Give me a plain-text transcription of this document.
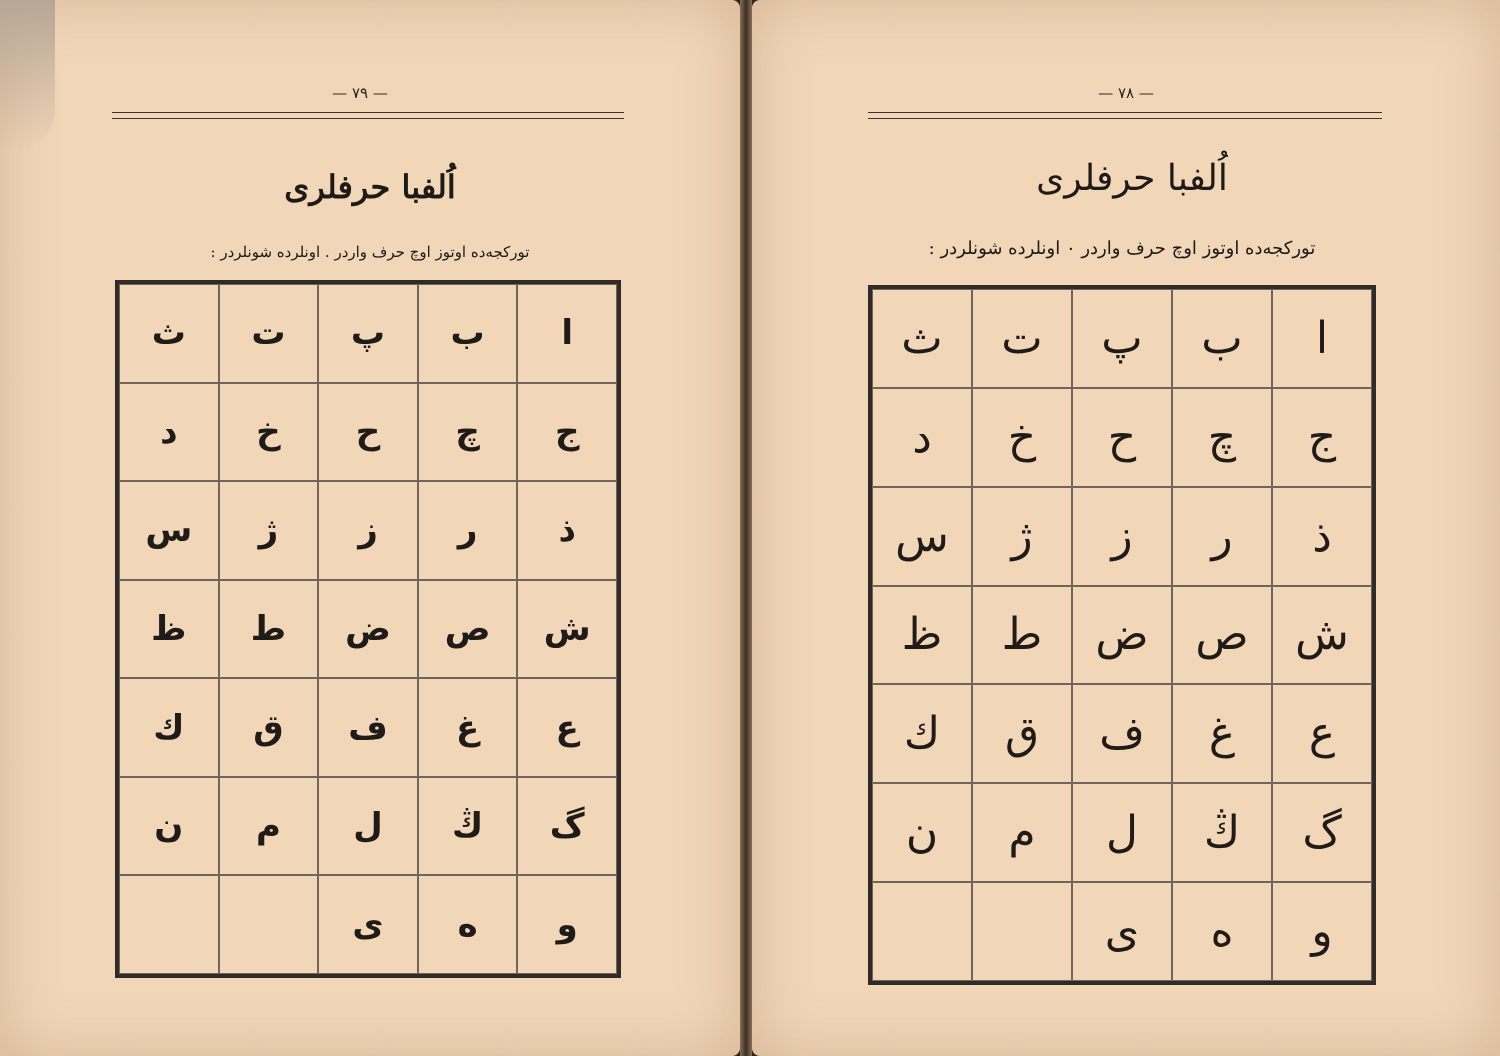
— ٧٩ —
اُلفبا حرفلری
تورکجه‌ده اوتوز اوچ حرف واردر . اونلرده شونلردر :
ا
ب
پ
ت
ث
ج
چ
ح
خ
د
ذ
ر
ز
ژ
س
ش
ص
ض
ط
ظ
ع
غ
ف
ق
ك
گ
ڭ
ل
م
ن
و
ه
ی
— ٧٨ —
اُلفبا حرفلری
تورکجه‌ده اوتوز اوچ حرف واردر ۰ اونلرده شونلردر :
ا
ب
پ
ت
ث
ج
چ
ح
خ
د
ذ
ر
ز
ژ
س
ش
ص
ض
ط
ظ
ع
غ
ف
ق
ك
گ
ڭ
ل
م
ن
و
ه
ی
